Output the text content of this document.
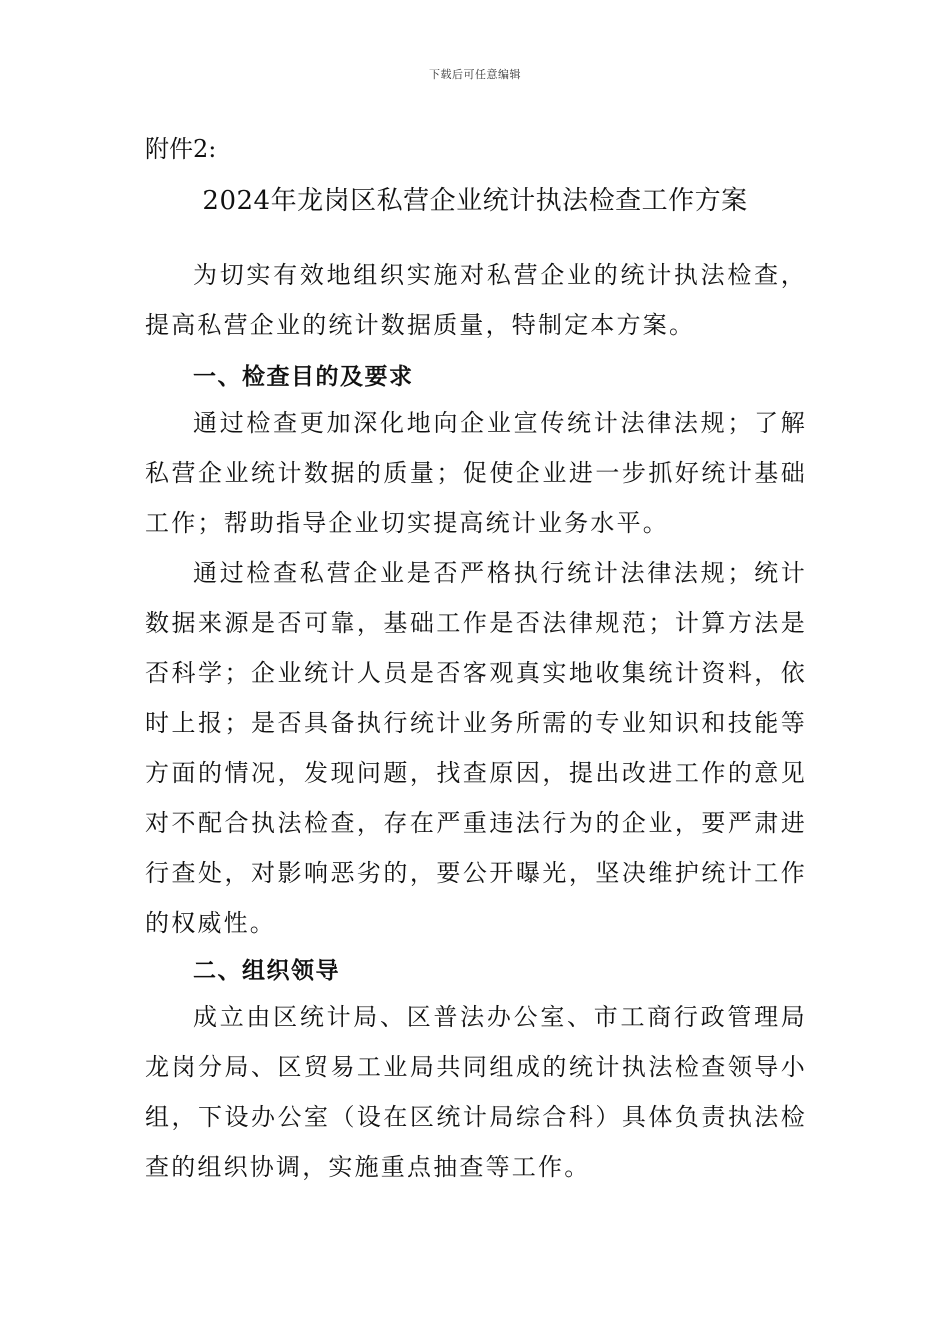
下载后可任意编辑
附件2:
2024年龙岗区私营企业统计执法检查工作方案

为切实有效地组织实施对私营企业的统计执法检查，提高私营企业的统计数据质量，特制定本方案。

一、检查目的及要求

通过检查更加深化地向企业宣传统计法律法规；了解私营企业统计数据的质量；促使企业进一步抓好统计基础工作；帮助指导企业切实提高统计业务水平。

通过检查私营企业是否严格执行统计法律法规；统计数据来源是否可靠，基础工作是否法律规范；计算方法是否科学；企业统计人员是否客观真实地收集统计资料，依时上报；是否具备执行统计业务所需的专业知识和技能等方面的情况，发现问题，找查原因，提出改进工作的意见对不配合执法检查，存在严重违法行为的企业，要严肃进行查处，对影响恶劣的，要公开曝光，坚决维护统计工作的权威性。

二、组织领导

成立由区统计局、区普法办公室、市工商行政管理局龙岗分局、区贸易工业局共同组成的统计执法检查领导小组，下设办公室（设在区统计局综合科）具体负责执法检查的组织协调，实施重点抽查等工作。
